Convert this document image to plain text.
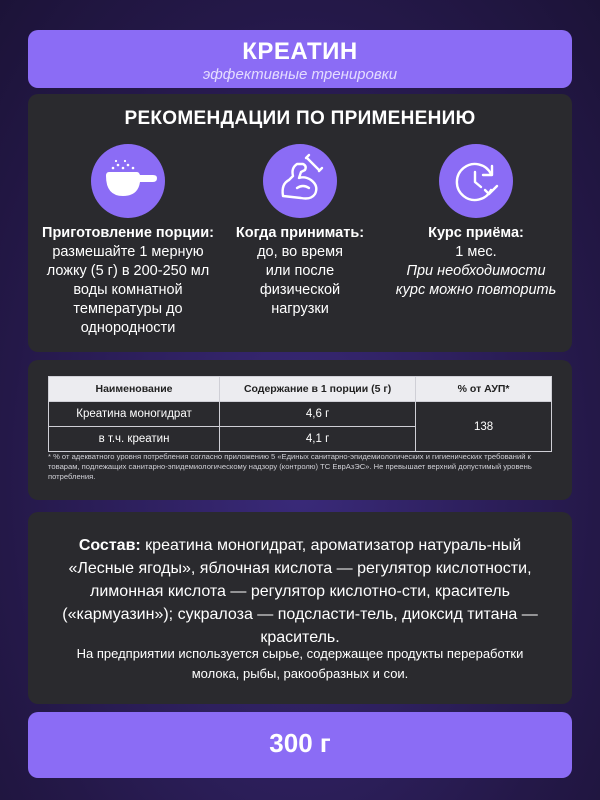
КРЕАТИН
эффективные тренировки
РЕКОМЕНДАЦИИ ПО ПРИМЕНЕНИЮ
Приготовление порции: размешайте 1 мерную ложку (5 г) в 200-250 мл воды комнатной температуры до однородности
Когда принимать:
до, во время или после физической нагрузки
Курс приёма:
1 мес.
При необходимости курс можно повторить
Наименование	Содержание в 1 порции (5 г)	% от АУП*
Креатина моногидрат	4,6 г	138
в т.ч. креатин	4,1 г	
* % от адекватного уровня потребления согласно приложению 5 «Единых санитарно-эпидемиологических и гигиенических требований к товарам, подлежащих санитарно-эпидемиологическому надзору (контролю) ТС ЕврАзЭС». Не превышает верхний допустимый уровень потребления.
Состав: креатина моногидрат, ароматизатор натураль-ный «Лесные ягоды», яблочная кислота — регулятор кислотности, лимонная кислота — регулятор кислотно-сти, краситель («кармуазин»); сукралоза — подсласти-тель, диоксид титана — краситель.
На предприятии используется сырье, содержащее продукты переработки молока, рыбы, ракообразных и сои.
300 г
